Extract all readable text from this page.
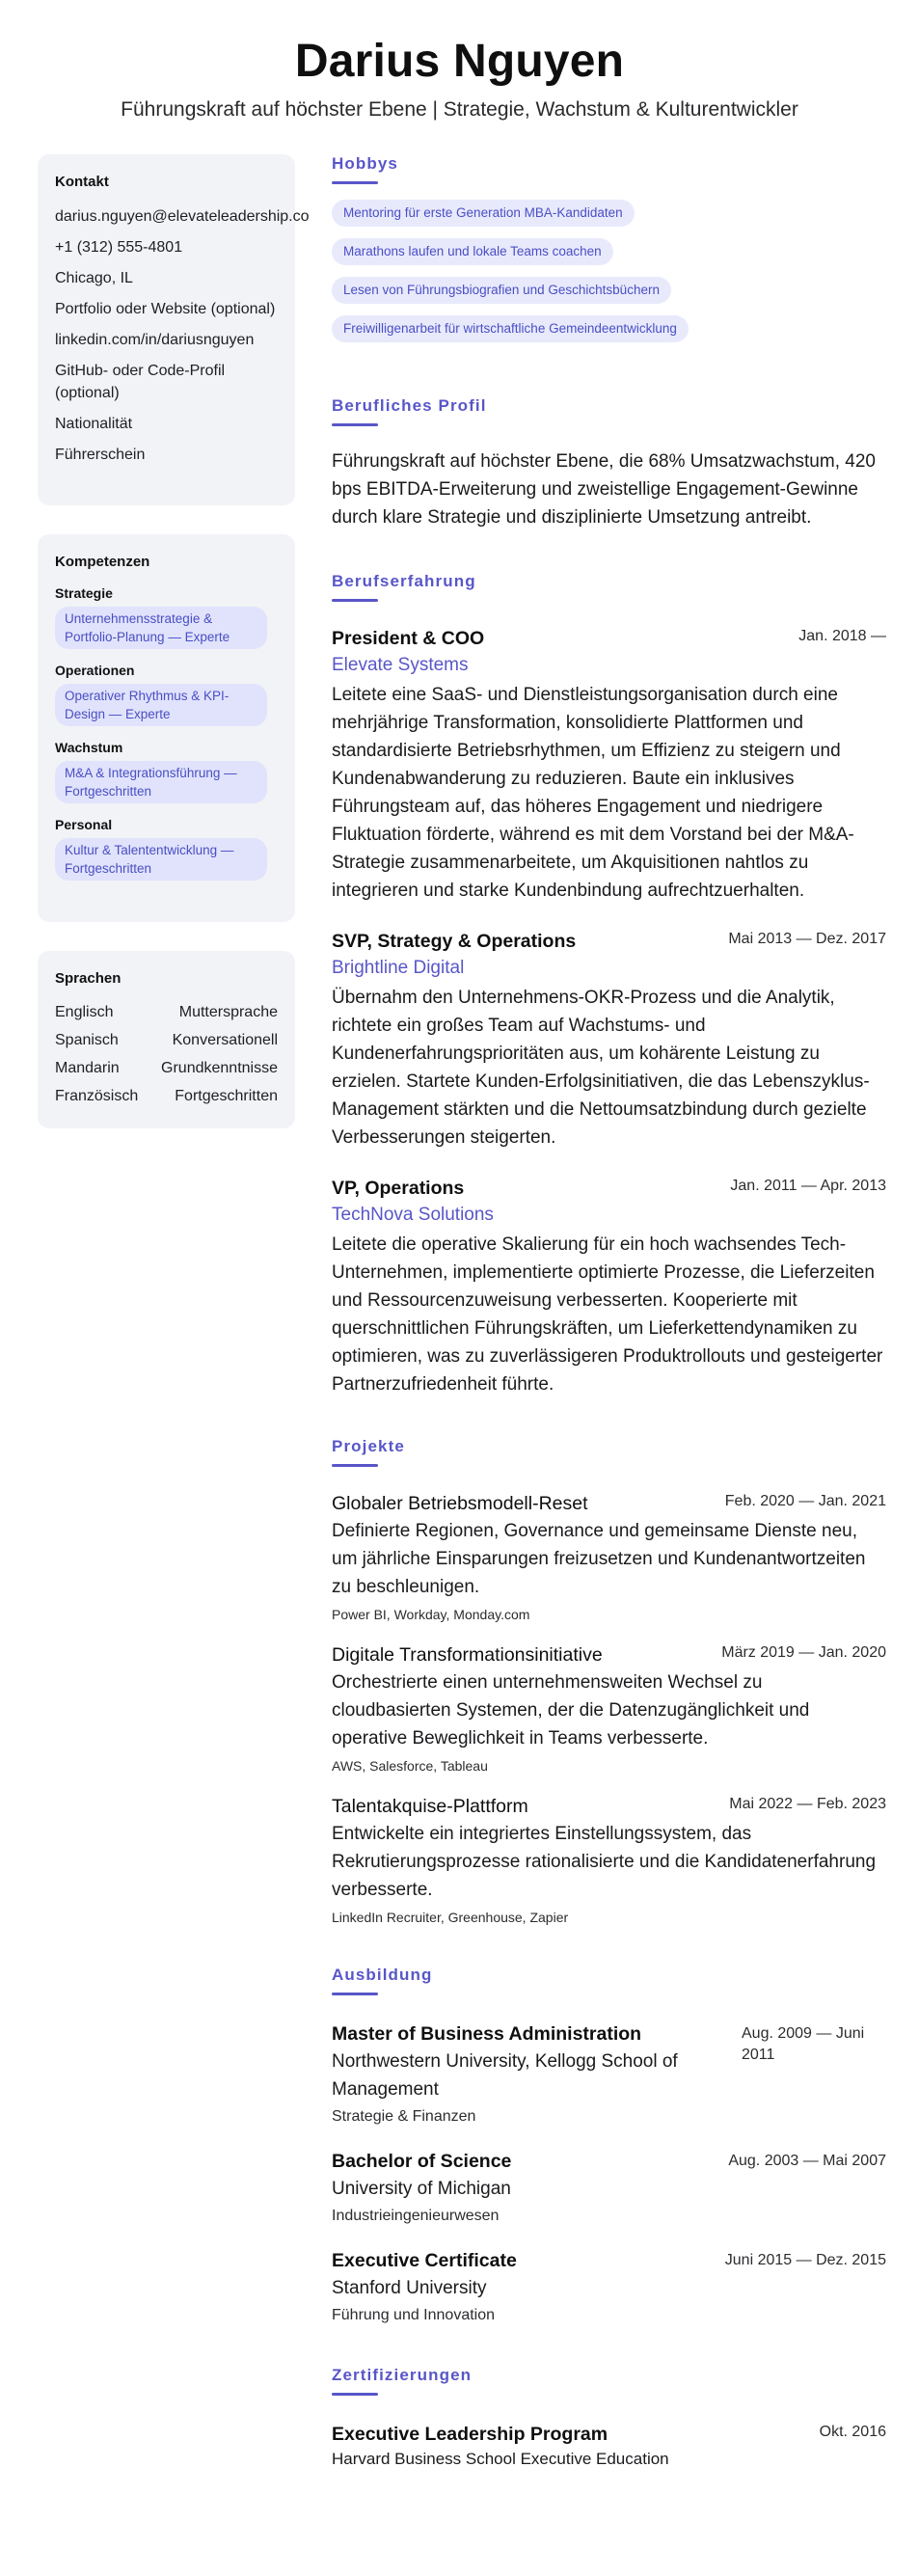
Darius Nguyen
Führungskraft auf höchster Ebene | Strategie, Wachstum & Kulturentwickler
Kontakt
darius.nguyen@elevateleadership.co
+1 (312) 555-4801
Chicago, IL
Portfolio oder Website (optional)
linkedin.com/in/dariusnguyen
GitHub- oder Code-Profil (optional)
Nationalität
Führerschein
Kompetenzen
Strategie
Unternehmensstrategie & Portfolio-Planung — Experte
Operationen
Operativer Rhythmus & KPI-Design — Experte
Wachstum
M&A & Integrationsführung — Fortgeschritten
Personal
Kultur & Talententwicklung — Fortgeschritten
Sprachen
Englisch	Muttersprache
Spanisch	Konversationell
Mandarin	Grundkenntnisse
Französisch Fortgeschritten
Hobbys
Mentoring für erste Generation MBA-Kandidaten
Marathons laufen und lokale Teams coachen
Lesen von Führungsbiografien und Geschichtsbüchern
Freiwilligenarbeit für wirtschaftliche Gemeindeentwicklung
Berufliches Profil

Führungskraft auf höchster Ebene, die 68% Umsatzwachstum, 420 bps EBITDA-Erweiterung und zweistellige Engagement-Gewinne durch klare Strategie und disziplinierte Umsetzung antreibt.

Berufserfahrung
President & COO	Jan. 2018 —
Elevate Systems

Leitete eine SaaS- und Dienstleistungsorganisation durch eine mehrjährige Transformation, konsolidierte Plattformen und standardisierte Betriebsrhythmen, um Effizienz zu steigern und Kundenabwanderung zu reduzieren. Baute ein inklusives Führungsteam auf, das höheres Engagement und niedrigere Fluktuation förderte, während es mit dem Vorstand bei der M&A-Strategie zusammenarbeitete, um Akquisitionen nahtlos zu integrieren und starke Kundenbindung aufrechtzuerhalten.

SVP, Strategy & Operations	Mai 2013 — Dez. 2017
Brightline Digital

Übernahm den Unternehmens-OKR-Prozess und die Analytik, richtete ein großes Team auf Wachstums- und Kundenerfahrungsprioritäten aus, um kohärente Leistung zu erzielen. Startete Kunden-Erfolgsinitiativen, die das Lebenszyklus-Management stärkten und die Nettoumsatzbindung durch gezielte Verbesserungen steigerten.

VP, Operations	Jan. 2011 — Apr. 2013
TechNova Solutions

Leitete die operative Skalierung für ein hoch wachsendes Tech-Unternehmen, implementierte optimierte Prozesse, die Lieferzeiten und Ressourcenzuweisung verbesserten. Kooperierte mit querschnittlichen Führungskräften, um Lieferkettendynamiken zu optimieren, was zu zuverlässigeren Produktrollouts und gesteigerter Partnerzufriedenheit führte.

Projekte
Globaler Betriebsmodell-Reset	Feb. 2020 — Jan. 2021

Definierte Regionen, Governance und gemeinsame Dienste neu, um jährliche Einsparungen freizusetzen und Kundenantwortzeiten zu beschleunigen.

Power BI, Workday, Monday.com
Digitale Transformationsinitiative	März 2019 — Jan. 2020

Orchestrierte einen unternehmensweiten Wechsel zu cloudbasierten Systemen, der die Datenzugänglichkeit und operative Beweglichkeit in Teams verbesserte.

AWS, Salesforce, Tableau
Talentakquise-Plattform	Mai 2022 — Feb. 2023

Entwickelte ein integriertes Einstellungssystem, das Rekrutierungsprozesse rationalisierte und die Kandidatenerfahrung verbesserte.

LinkedIn Recruiter, Greenhouse, Zapier
Ausbildung
Master of Business Administration
Northwestern University, Kellogg School of Management
Strategie & Finanzen
Aug. 2009 — Juni 2011
Bachelor of Science
University of Michigan
Industrieingenieurwesen
Aug. 2003 — Mai 2007
Executive Certificate
Stanford University
Führung und Innovation
Juni 2015 — Dez. 2015
Zertifizierungen
Executive Leadership Program	Okt. 2016
Harvard Business School Executive Education
